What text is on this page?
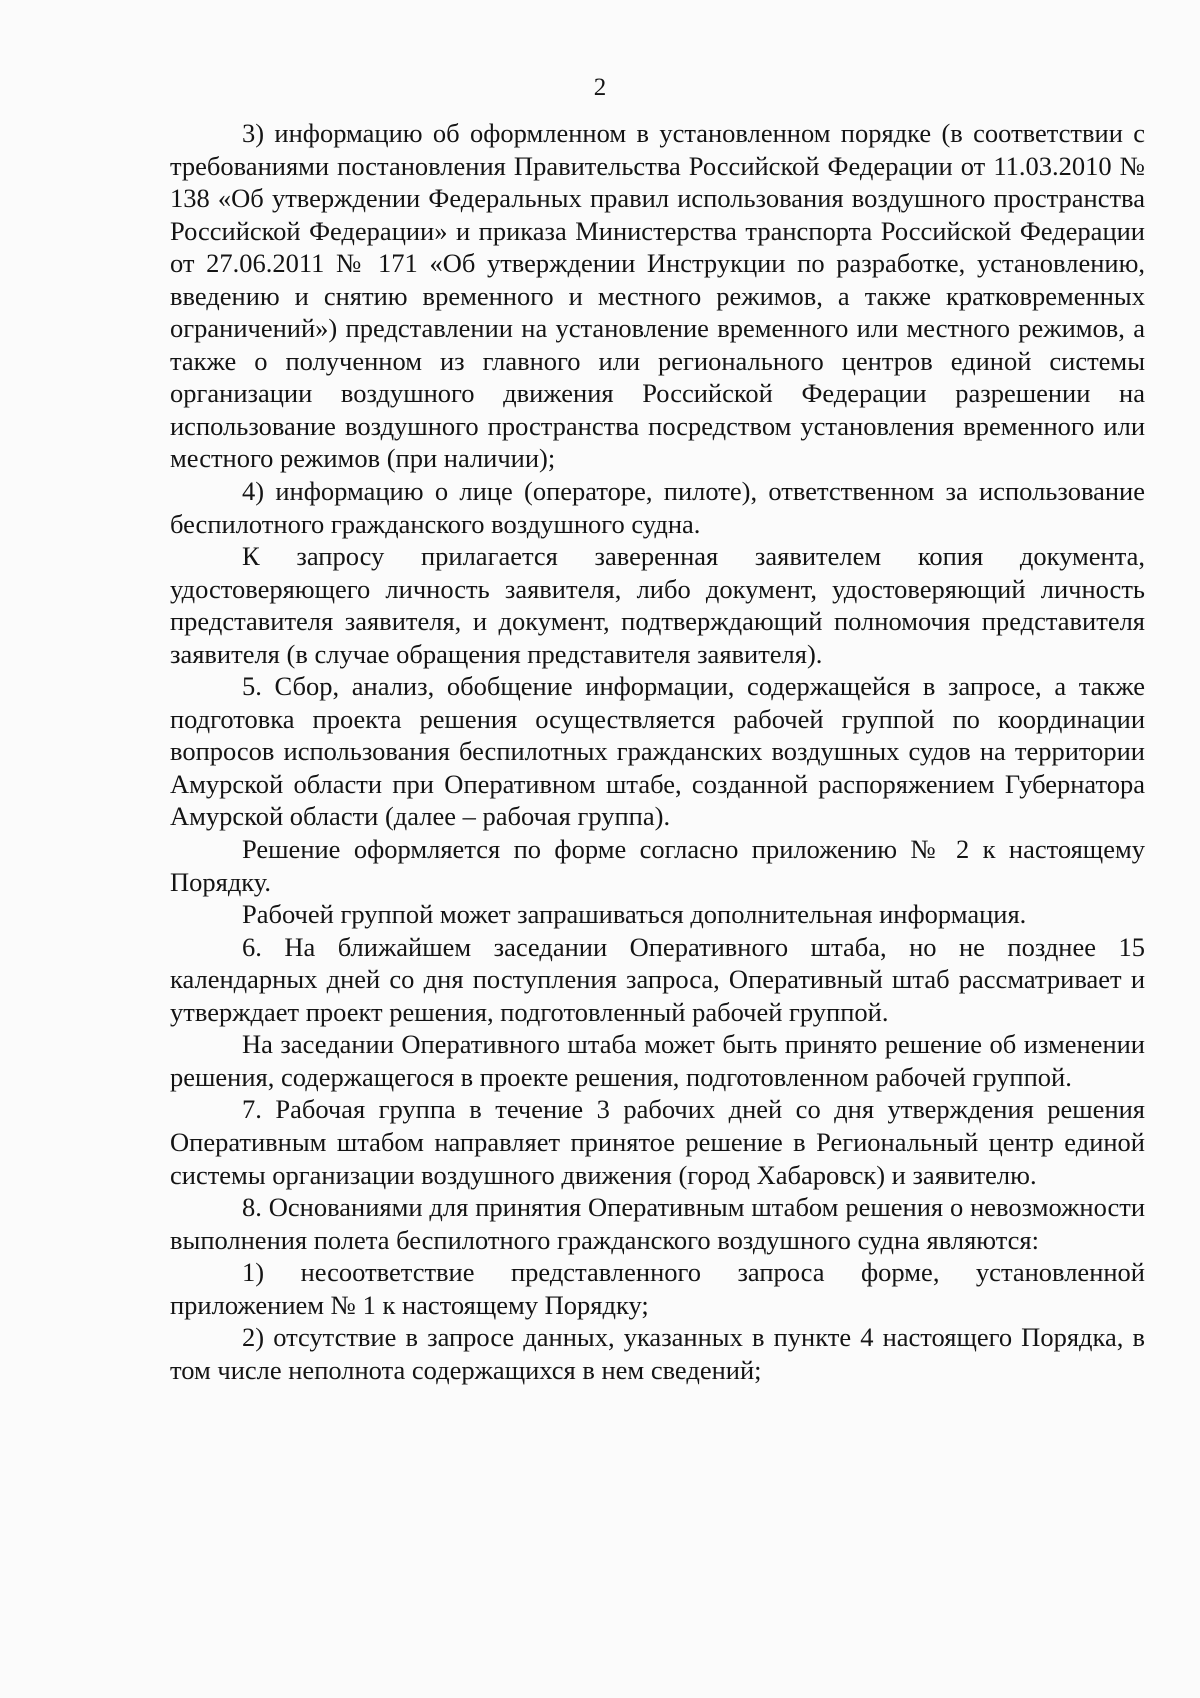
2

3) информацию об оформленном в установленном порядке (в соответствии с требованиями постановления Правительства Российской Федерации от 11.03.2010 № 138 «Об утверждении Федеральных правил использования воздушного пространства Российской Федерации» и приказа Министерства транспорта Российской Федерации от 27.06.2011 № 171 «Об утверждении Инструкции по разработке, установлению, введению и снятию временного и местного режимов, а также кратковременных ограничений») представлении на установление временного или местного режимов, а также о полученном из главного или регионального центров единой системы организации воздушного движения Российской Федерации разрешении на использование воздушного пространства посредством установления временного или местного режимов (при наличии);

4) информацию о лице (операторе, пилоте), ответственном за использование беспилотного гражданского воздушного судна.

К запросу прилагается заверенная заявителем копия документа, удостоверяющего личность заявителя, либо документ, удостоверяющий личность представителя заявителя, и документ, подтверждающий полномочия представителя заявителя (в случае обращения представителя заявителя).

5. Сбор, анализ, обобщение информации, содержащейся в запросе, а также подготовка проекта решения осуществляется рабочей группой по координации вопросов использования беспилотных гражданских воздушных судов на территории Амурской области при Оперативном штабе, созданной распоряжением Губернатора Амурской области (далее – рабочая группа).

Решение оформляется по форме согласно приложению № 2 к настоящему Порядку.

Рабочей группой может запрашиваться дополнительная информация.

6. На ближайшем заседании Оперативного штаба, но не позднее 15 календарных дней со дня поступления запроса, Оперативный штаб рассматривает и утверждает проект решения, подготовленный рабочей группой.

На заседании Оперативного штаба может быть принято решение об изменении решения, содержащегося в проекте решения, подготовленном рабочей группой.

7. Рабочая группа в течение 3 рабочих дней со дня утверждения решения Оперативным штабом направляет принятое решение в Региональный центр единой системы организации воздушного движения (город Хабаровск) и заявителю.

8. Основаниями для принятия Оперативным штабом решения о невозможности выполнения полета беспилотного гражданского воздушного судна являются:

1) несоответствие представленного запроса форме, установленной приложением № 1 к настоящему Порядку;

2) отсутствие в запросе данных, указанных в пункте 4 настоящего Порядка, в том числе неполнота содержащихся в нем сведений;
